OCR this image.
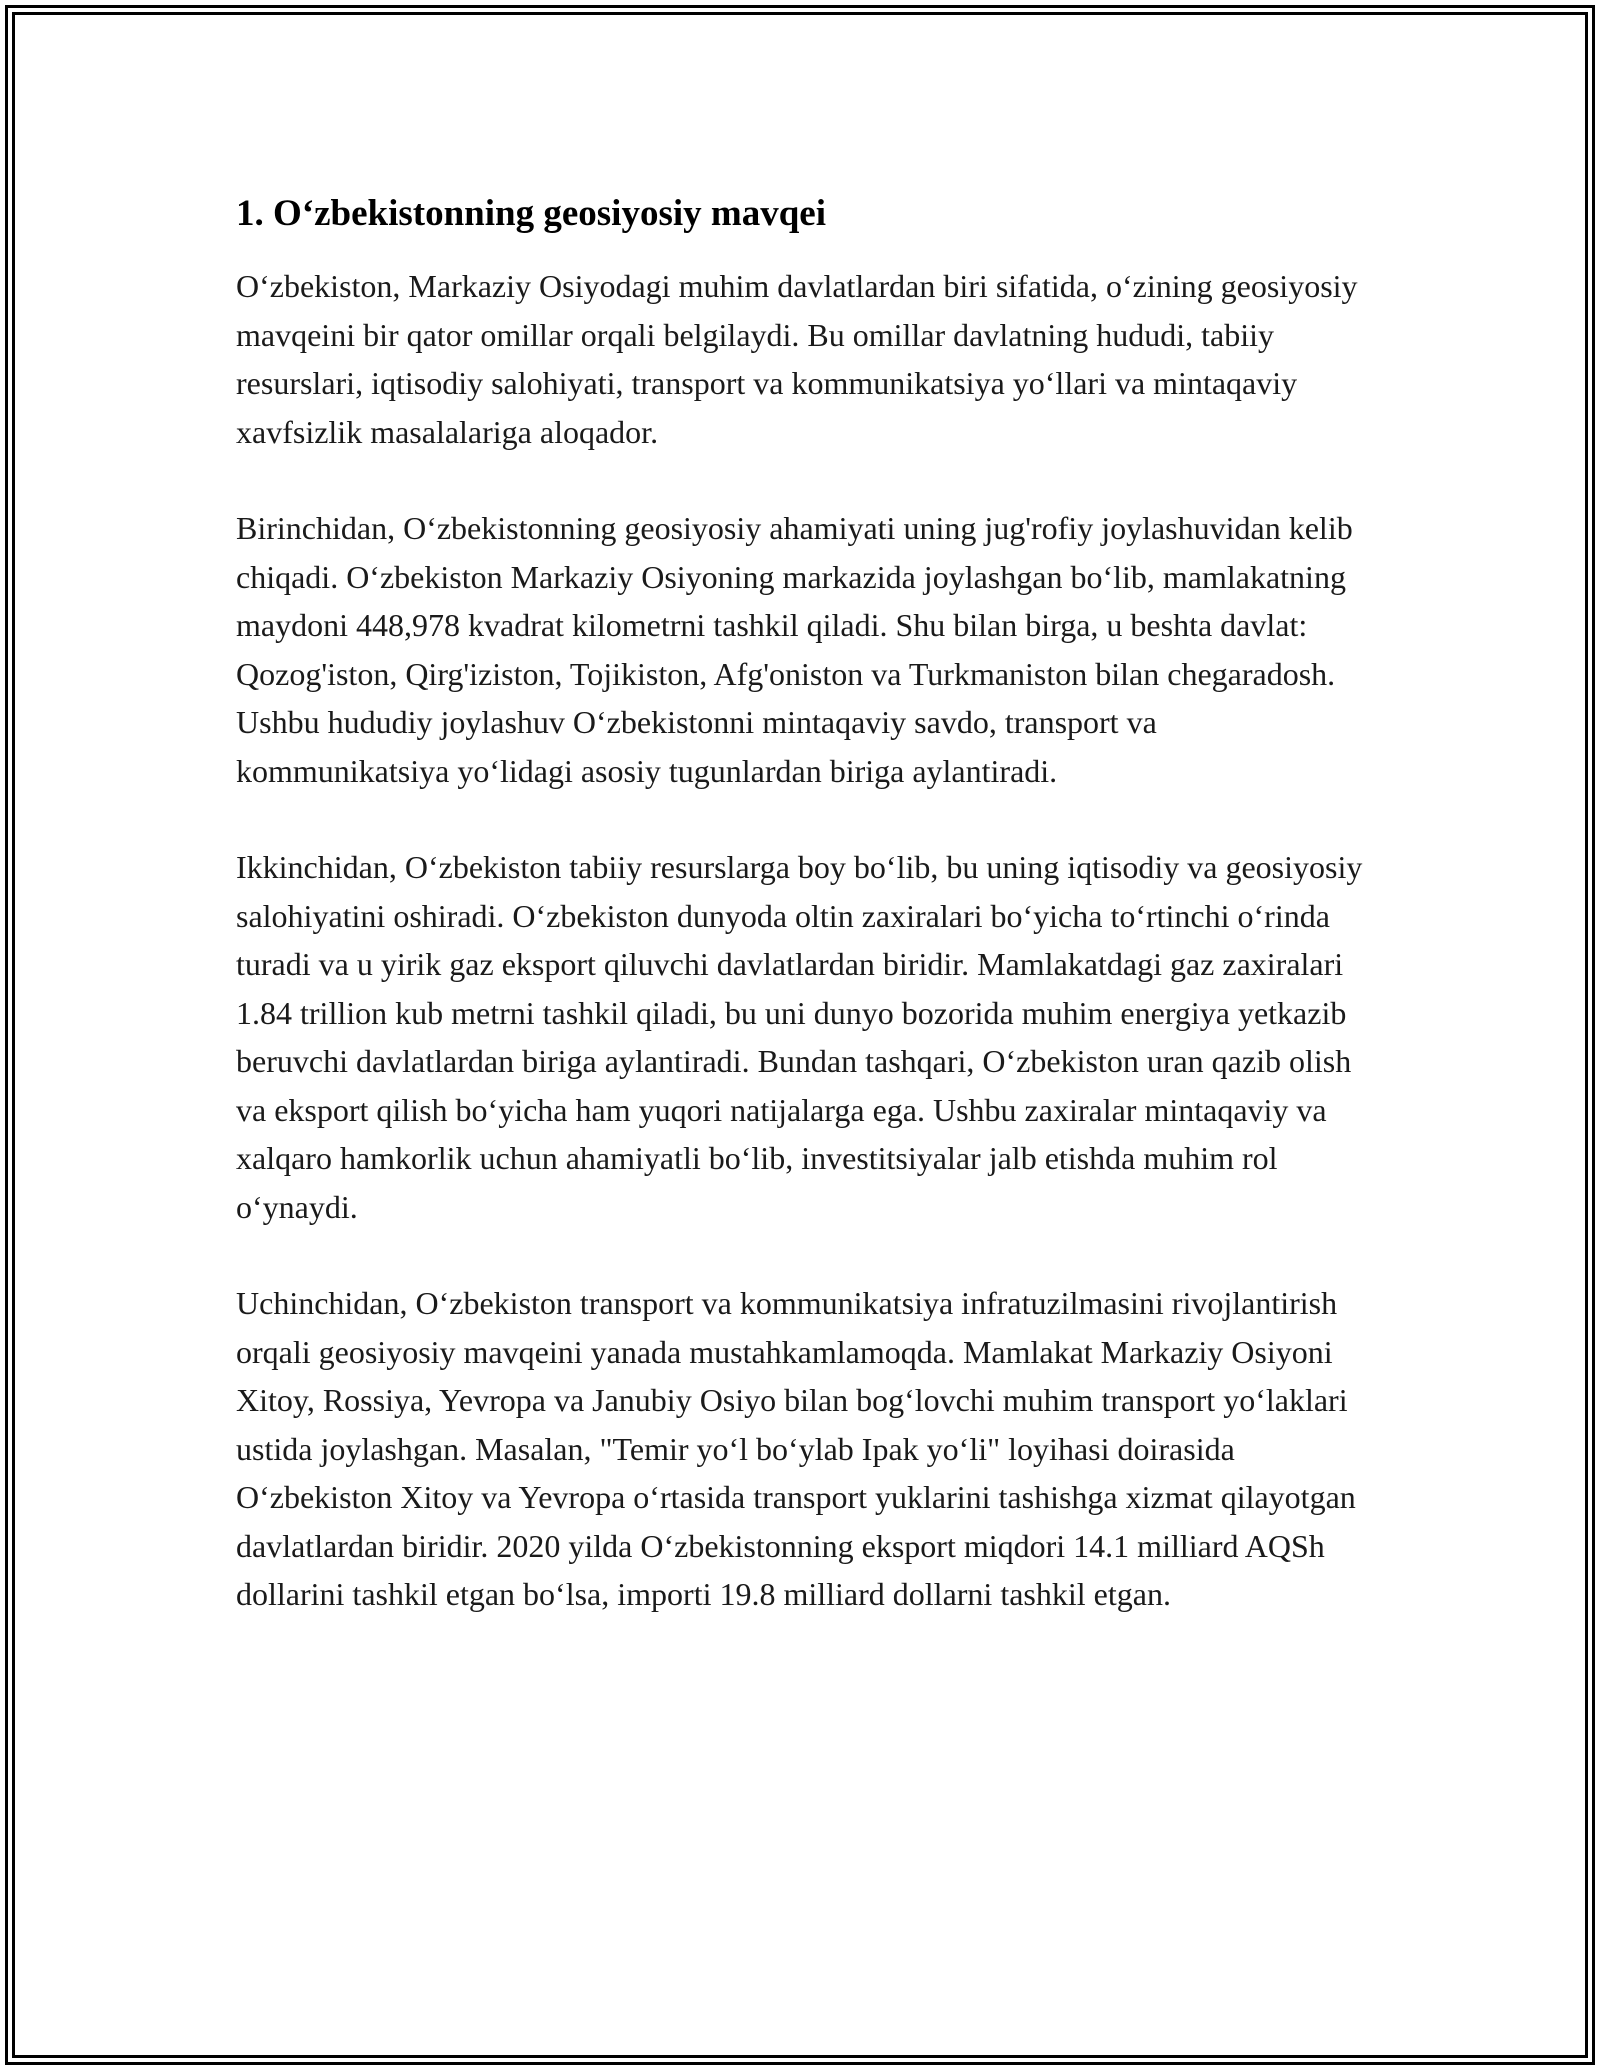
1. O‘zbekistonning geosiyosiy mavqei

O‘zbekiston, Markaziy Osiyodagi muhim davlatlardan biri sifatida, o‘zining geosiyosiy mavqeini bir qator omillar orqali belgilaydi. Bu omillar davlatning hududi, tabiiy resurslari, iqtisodiy salohiyati, transport va kommunikatsiya yo‘llari va mintaqaviy xavfsizlik masalalariga aloqador.

Birinchidan, O‘zbekistonning geosiyosiy ahamiyati uning jug'rofiy joylashuvidan kelib chiqadi. O‘zbekiston Markaziy Osiyoning markazida joylashgan bo‘lib, mamlakatning maydoni 448,978 kvadrat kilometrni tashkil qiladi. Shu bilan birga, u beshta davlat: Qozog'iston, Qirg'iziston, Tojikiston, Afg'oniston va Turkmaniston bilan chegaradosh. Ushbu hududiy joylashuv O‘zbekistonni mintaqaviy savdo, transport va kommunikatsiya yo‘lidagi asosiy tugunlardan biriga aylantiradi.

Ikkinchidan, O‘zbekiston tabiiy resurslarga boy bo‘lib, bu uning iqtisodiy va geosiyosiy salohiyatini oshiradi. O‘zbekiston dunyoda oltin zaxiralari bo‘yicha to‘rtinchi o‘rinda turadi va u yirik gaz eksport qiluvchi davlatlardan biridir. Mamlakatdagi gaz zaxiralari 1.84 trillion kub metrni tashkil qiladi, bu uni dunyo bozorida muhim energiya yetkazib beruvchi davlatlardan biriga aylantiradi. Bundan tashqari, O‘zbekiston uran qazib olish va eksport qilish bo‘yicha ham yuqori natijalarga ega. Ushbu zaxiralar mintaqaviy va xalqaro hamkorlik uchun ahamiyatli bo‘lib, investitsiyalar jalb etishda muhim rol o‘ynaydi.

Uchinchidan, O‘zbekiston transport va kommunikatsiya infratuzilmasini rivojlantirish orqali geosiyosiy mavqeini yanada mustahkamlamoqda. Mamlakat Markaziy Osiyoni Xitoy, Rossiya, Yevropa va Janubiy Osiyo bilan bog‘lovchi muhim transport yo‘laklari ustida joylashgan. Masalan, "Temir yo‘l bo‘ylab Ipak yo‘li" loyihasi doirasida O‘zbekiston Xitoy va Yevropa o‘rtasida transport yuklarini tashishga xizmat qilayotgan davlatlardan biridir. 2020 yilda O‘zbekistonning eksport miqdori 14.1 milliard AQSh dollarini tashkil etgan bo‘lsa, importi 19.8 milliard dollarni tashkil etgan.
